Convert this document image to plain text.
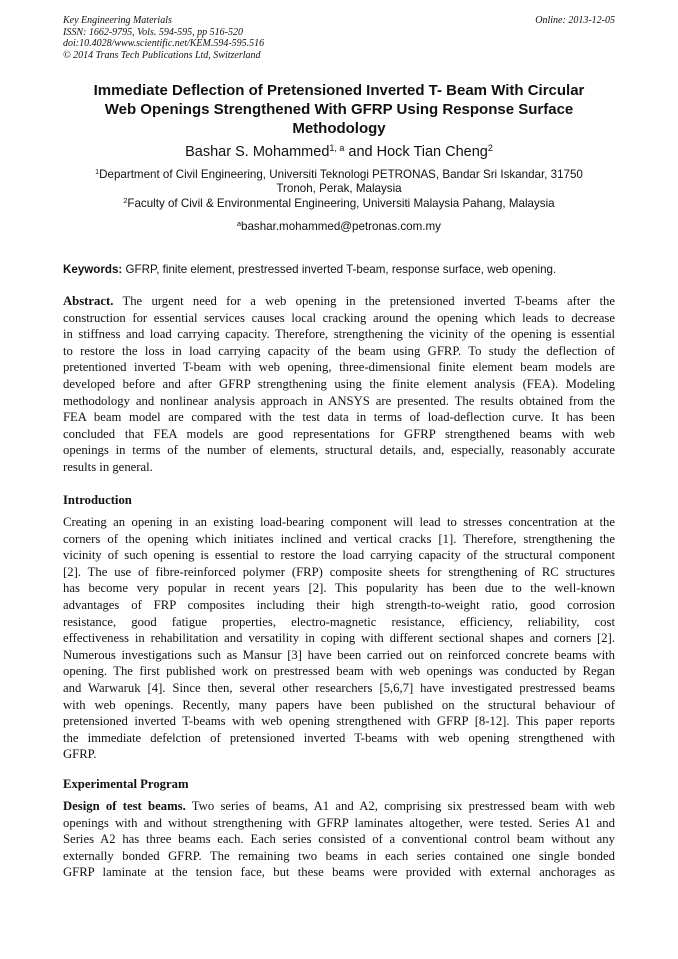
Key Engineering Materials
ISSN: 1662-9795, Vols. 594-595, pp 516-520
doi:10.4028/www.scientific.net/KEM.594-595.516
© 2014 Trans Tech Publications Ltd, Switzerland
Online: 2013-12-05
Immediate Deflection of Pretensioned Inverted T- Beam With Circular
Web Openings Strengthened With GFRP Using Response Surface
Methodology
Bashar S. Mohammed$^{1, a}$ and Hock Tian Cheng$^2$
$^1$Department of Civil Engineering, Universiti Teknologi PETRONAS, Bandar Sri Iskandar, 31750
Tronoh, Perak, Malaysia
$^2$Faculty of Civil & Environmental Engineering, Universiti Malaysia Pahang, Malaysia
$^a$bashar.mohammed@petronas.com.my
Keywords: GFRP, finite element, prestressed inverted T-beam, response surface, web opening.
Abstract. The urgent need for a web opening in the pretensioned inverted T-beams after the
construction for essential services causes local cracking around the opening which leads to decrease
in stiffness and load carrying capacity. Therefore, strengthening the vicinity of the opening is essential
to restore the loss in load carrying capacity of the beam using GFRP. To study the deflection of
pretentioned inverted T-beam with web opening, three-dimensional finite element beam models are
developed before and after GFRP strengthening using the finite element analysis (FEA). Modeling
methodology and nonlinear analysis approach in ANSYS are presented. The results obtained from the
FEA beam model are compared with the test data in terms of load-deflection curve. It has been
concluded that FEA models are good representations for GFRP strengthened beams with web
openings in terms of the number of elements, structural details, and, especially, reasonably accurate
results in general.
Introduction
Creating an opening in an existing load-bearing component will lead to stresses concentration at the
corners of the opening which initiates inclined and vertical cracks [1]. Therefore, strengthening the
vicinity of such opening is essential to restore the load carrying capacity of the structural component
[2]. The use of fibre-reinforced polymer (FRP) composite sheets for strengthening of RC structures
has become very popular in recent years [2]. This popularity has been due to the well-known
advantages of FRP composites including their high strength-to-weight ratio, good corrosion
resistance, good fatigue properties, electro-magnetic resistance, efficiency, reliability, cost
effectiveness in rehabilitation and versatility in coping with different sectional shapes and corners [2].
Numerous investigations such as Mansur [3] have been carried out on reinforced concrete beams with
opening. The first published work on prestressed beam with web openings was conducted by Regan
and Warwaruk [4]. Since then, several other researchers [5,6,7] have investigated prestressed beams
with web openings. Recently, many papers have been published on the structural behaviour of
pretensioned inverted T-beams with web opening strengthened with GFRP [8-12]. This paper reports
the immediate defelction of pretensioned inverted T-beams with web opening strengthened with
GFRP.
Experimental Program
Design of test beams. Two series of beams, A1 and A2, comprising six prestressed beam with web
openings with and without strengthening with GFRP laminates altogether, were tested. Series A1 and
Series A2 has three beams each. Each series consisted of a conventional control beam without any
externally bonded GFRP. The remaining two beams in each series contained one single bonded
GFRP laminate at the tension face, but these beams were provided with external anchorages as
